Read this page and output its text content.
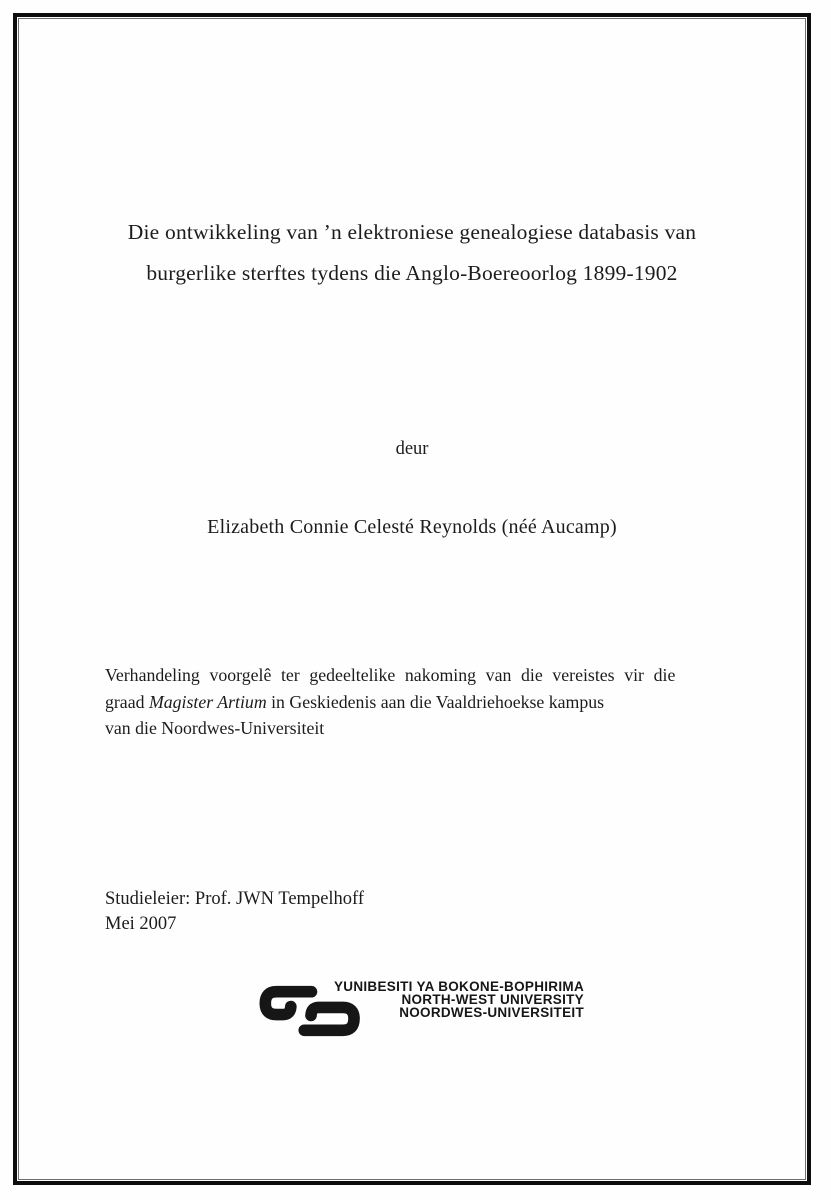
Die ontwikkeling van ’n elektroniese genealogiese databasis van
burgerlike sterftes tydens die Anglo-Boereoorlog 1899-1902
deur
Elizabeth Connie Celesté Reynolds (néé Aucamp)

Verhandeling voorgelê ter gedeeltelike nakoming van die vereistes vir die
graad Magister Artium in Geskiedenis aan die Vaaldriehoekse kampus
van die Noordwes-Universiteit

Studieleier: Prof. JWN Tempelhoff
Mei 2007
YUNIBESITI YA BOKONE-BOPHIRIMA
NORTH-WEST UNIVERSITY
NOORDWES-UNIVERSITEIT
